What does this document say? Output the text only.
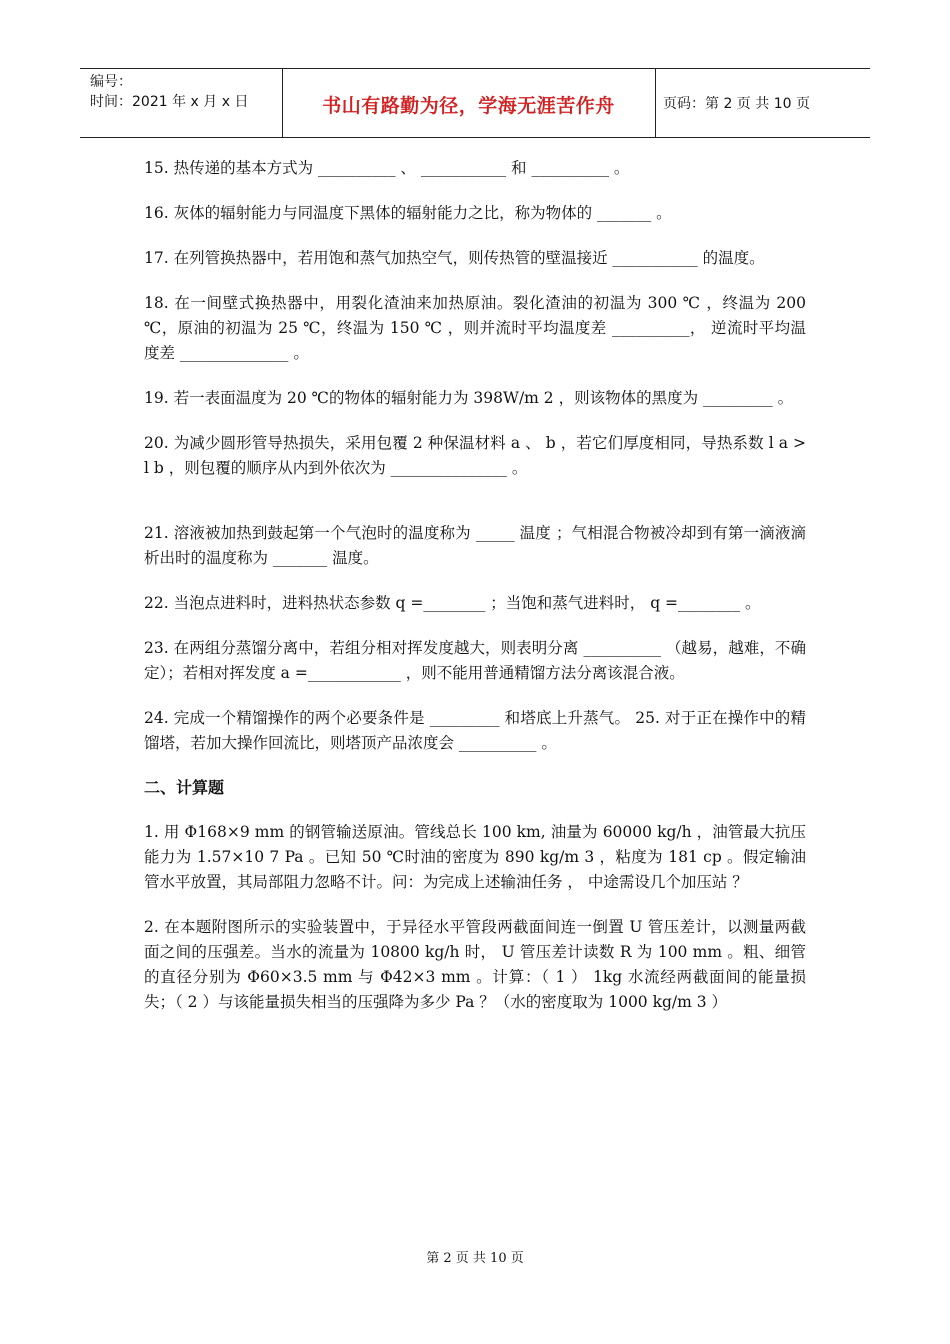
编号：
时间：2021 年 x 月 x 日	书山有路勤为径，学海无涯苦作舟	页码：第 2 页 共 10 页

15. 热传递的基本方式为 __________ 、 ___________ 和 __________ 。

16. 灰体的辐射能力与同温度下黑体的辐射能力之比，称为物体的 _______ 。

17. 在列管换热器中，若用饱和蒸气加热空气，则传热管的壁温接近 ___________ 的温度。

18. 在一间壁式换热器中，用裂化渣油来加热原油。裂化渣油的初温为 300 ℃ ，终温为 200 ℃，原油的初温为 25 ℃，终温为 150 ℃ ，则并流时平均温度差 __________， 逆流时平均温度差 ______________ 。

19. 若一表面温度为 20 ℃的物体的辐射能力为 398W/m 2 ，则该物体的黑度为 _________ 。

20. 为减少圆形管导热损失，采用包覆 2 种保温材料 a 、 b ，若它们厚度相同，导热系数 l a > l b ，则包覆的顺序从内到外依次为 _______________ 。

21. 溶液被加热到鼓起第一个气泡时的温度称为 _____ 温度 ；气相混合物被冷却到有第一滴液滴析出时的温度称为 _______ 温度。

22. 当泡点进料时，进料热状态参数 q =________ ；当饱和蒸气进料时， q =________ 。

23. 在两组分蒸馏分离中，若组分相对挥发度越大，则表明分离 __________ （越易，越难，不确定）；若相对挥发度 a =____________ ，则不能用普通精馏方法分离该混合液。

24. 完成一个精馏操作的两个必要条件是 _________ 和塔底上升蒸气。 25. 对于正在操作中的精馏塔，若加大操作回流比，则塔顶产品浓度会 __________ 。

二、计算题

1. 用 Φ168×9 mm 的钢管输送原油。管线总长 100 km, 油量为 60000 kg/h ，油管最大抗压能力为 1.57×10 7 Pa 。已知 50 ℃时油的密度为 890 kg/m 3 ，粘度为 181 cp 。假定输油管水平放置，其局部阻力忽略不计。问：为完成上述输油任务 ， 中途需设几个加压站 ？

2. 在本题附图所示的实验装置中，于异径水平管段两截面间连一倒置 U 管压差计，以测量两截面之间的压强差。当水的流量为 10800 kg/h 时， U 管压差计读数 R 为 100 mm 。粗、细管的直径分别为 Φ60×3.5 mm 与 Φ42×3 mm 。计算：（ 1 ） 1kg 水流经两截面间的能量损失；（ 2 ）与该能量损失相当的压强降为多少 Pa ？（水的密度取为 1000 kg/m 3 ）

第 2 页 共 10 页
